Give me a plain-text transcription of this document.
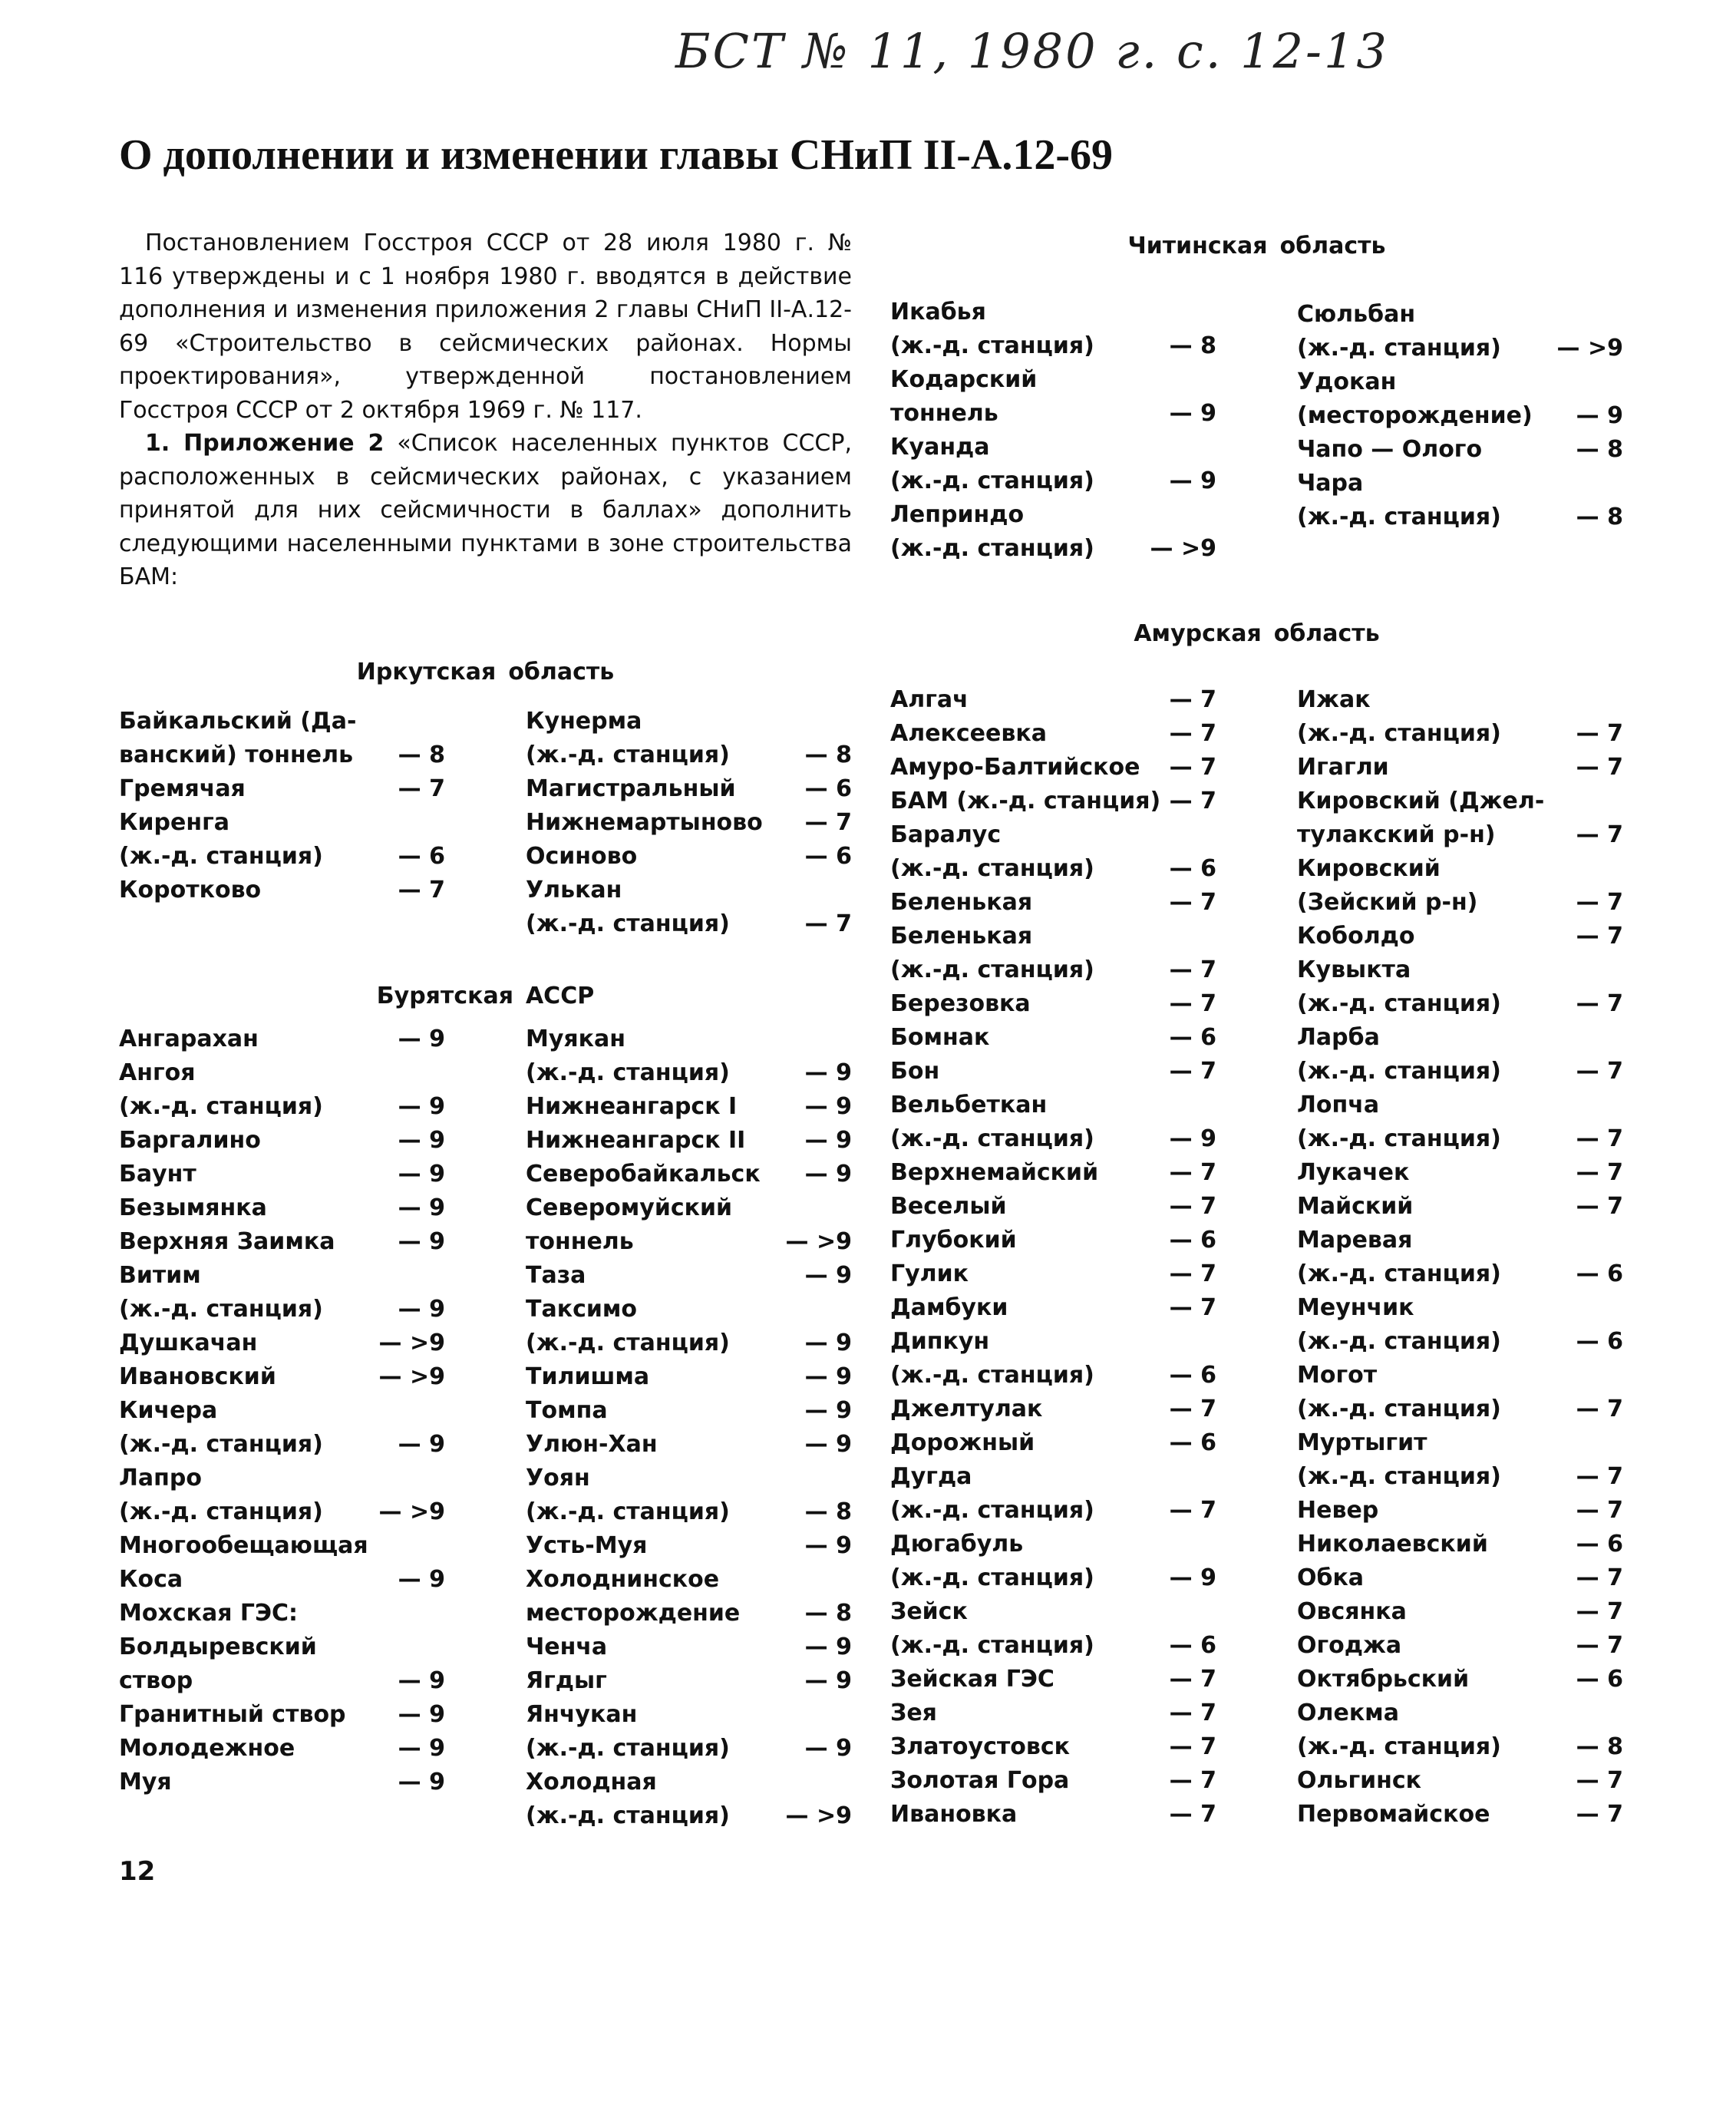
БСТ № 11, 1980 г. с. 12-13
О дополнении и изменении главы СНиП II-А.12-69

Постановлением Госстроя СССР от 28 июля 1980 г. № 116 утверждены и с 1 ноября 1980 г. вводятся в действие дополнения и изменения приложения 2 главы СНиП II-А.12-69 «Строительство в сейсмических районах. Нормы проектирования», утвержденной постановлением Госстроя СССР от 2 октября 1969 г. № 117.

1. Приложение 2 «Список населенных пунктов СССР, расположенных в сейсмических районах, с указанием принятой для них сейсмичности в баллах» дополнить следующими населенными пунктами в зоне строительства БАМ:

Иркутская область
Бурятская АССР
Читинская область
Амурская область
Байкальский (Да-
ванский) тоннель	— 8
Гремячая	— 7
Киренга
(ж.-д. станция)	— 6
Коротково	— 7
Кунерма
(ж.-д. станция)	— 8
Магистральный	— 6
Нижнемартыново	— 7
Осиново	— 6
Улькан
(ж.-д. станция)	— 7
Ангарахан	— 9
Ангоя
(ж.-д. станция)	— 9
Баргалино	— 9
Баунт	— 9
Безымянка	— 9
Верхняя Заимка	— 9
Витим
(ж.-д. станция)	— 9
Душкачан	— >9
Ивановский	— >9
Кичера
(ж.-д. станция)	— 9
Лапро
(ж.-д. станция)	— >9
Многообещающая
Коса	— 9
Мохская ГЭС:
Болдыревский
створ	— 9
Гранитный створ	— 9
Молодежное	— 9
Муя	— 9
Муякан
(ж.-д. станция)	— 9
Нижнеангарск I	— 9
Нижнеангарск II	— 9
Северобайкальск	— 9
Северомуйский
тоннель	— >9
Таза	— 9
Таксимо
(ж.-д. станция)	— 9
Тилишма	— 9
Томпа	— 9
Улюн-Хан	— 9
Уоян
(ж.-д. станция)	— 8
Усть-Муя	— 9
Холоднинское
месторождение	— 8
Ченча	— 9
Ягдыг	— 9
Янчукан
(ж.-д. станция)	— 9
Холодная
(ж.-д. станция)	— >9
Икабья
(ж.-д. станция)	— 8
Кодарский
тоннель	— 9
Куанда
(ж.-д. станция)	— 9
Леприндо
(ж.-д. станция)	— >9
Сюльбан
(ж.-д. станция)	— >9
Удокан
(месторождение)	— 9
Чапо — Ологo	— 8
Чара
(ж.-д. станция)	— 8
Алгач	— 7
Алексеевка	— 7
Амуро-Балтийское	— 7
БАМ (ж.-д. станция) — 7
Баралус
(ж.-д. станция)	— 6
Беленькая	— 7
Беленькая
(ж.-д. станция)	— 7
Березовка	— 7
Бомнак	— 6
Бон	— 7
Вельбеткан
(ж.-д. станция)	— 9
Верхнемайский	— 7
Веселый	— 7
Глубокий	— 6
Гулик	— 7
Дамбуки	— 7
Дипкун
(ж.-д. станция)	— 6
Джелтулак	— 7
Дорожный	— 6
Дугда
(ж.-д. станция)	— 7
Дюгабуль
(ж.-д. станция)	— 9
Зейск
(ж.-д. станция)	— 6
Зейская ГЭС	— 7
Зея	— 7
Златоустовск	— 7
Золотая Гора	— 7
Ивановка	— 7
Ижак
(ж.-д. станция)	— 7
Игагли	— 7
Кировский (Джел-
тулакский р-н)	— 7
Кировский
(Зейский р-н)	— 7
Коболдо	— 7
Кувыкта
(ж.-д. станция)	— 7
Ларба
(ж.-д. станция)	— 7
Лопча
(ж.-д. станция)	— 7
Лукачек	— 7
Майский	— 7
Маревая
(ж.-д. станция)	— 6
Меунчик
(ж.-д. станция)	— 6
Могот
(ж.-д. станция)	— 7
Муртыгит
(ж.-д. станция)	— 7
Невер	— 7
Николаевский	— 6
Обка	— 7
Овсянка	— 7
Огоджа	— 7
Октябрьский	— 6
Олекма
(ж.-д. станция)	— 8
Ольгинск	— 7
Первомайское	— 7
12
